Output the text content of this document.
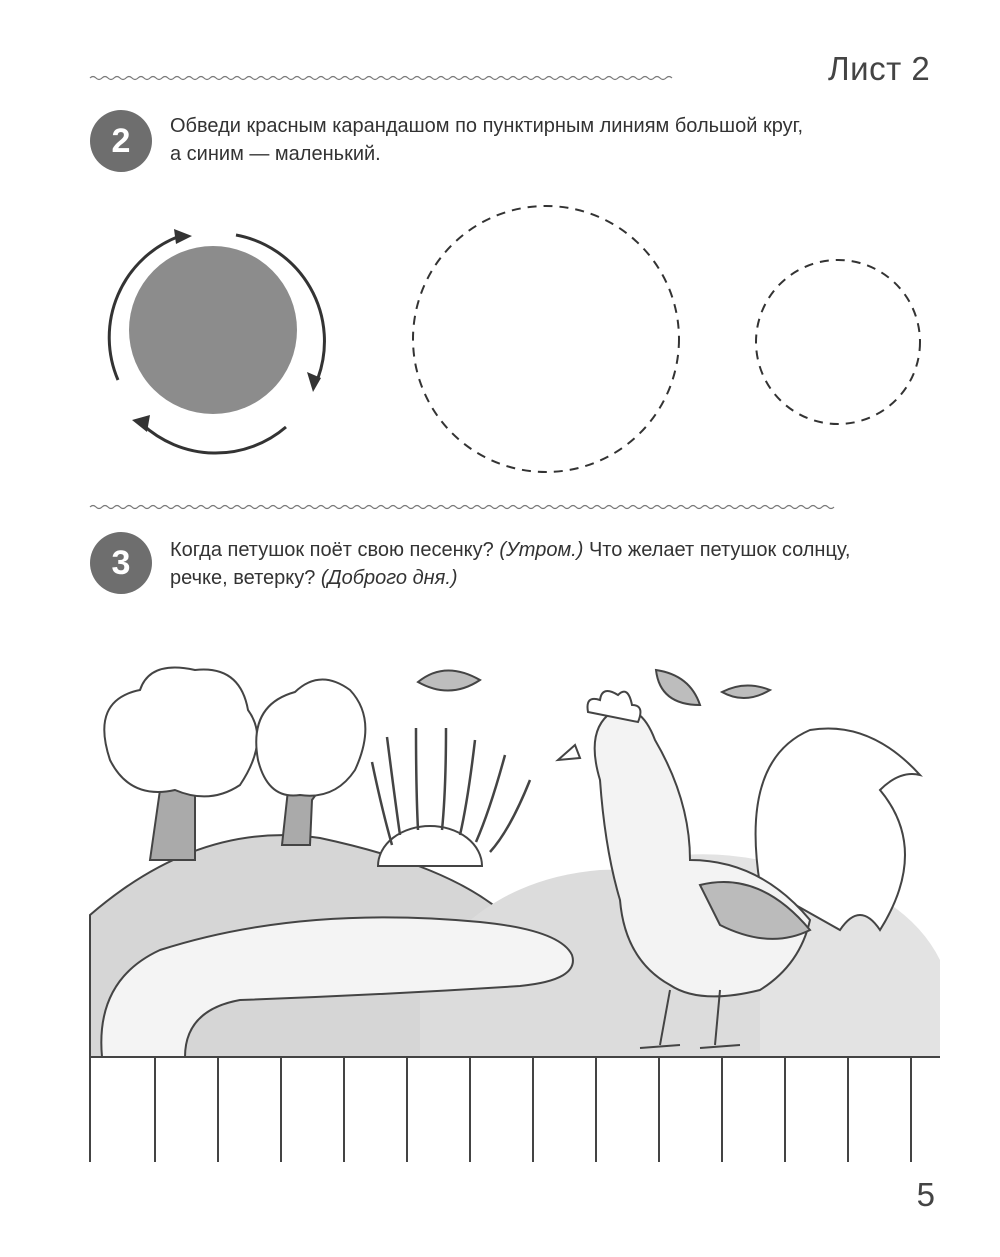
Лист 2
2	Обведи красным карандашом по пунктирным линиям большой круг,
а синим — маленький.
3	Когда петушок поёт свою песенку? (Утром.) Что желает петушок солнцу,
речке, ветерку? (Доброго дня.)
5
